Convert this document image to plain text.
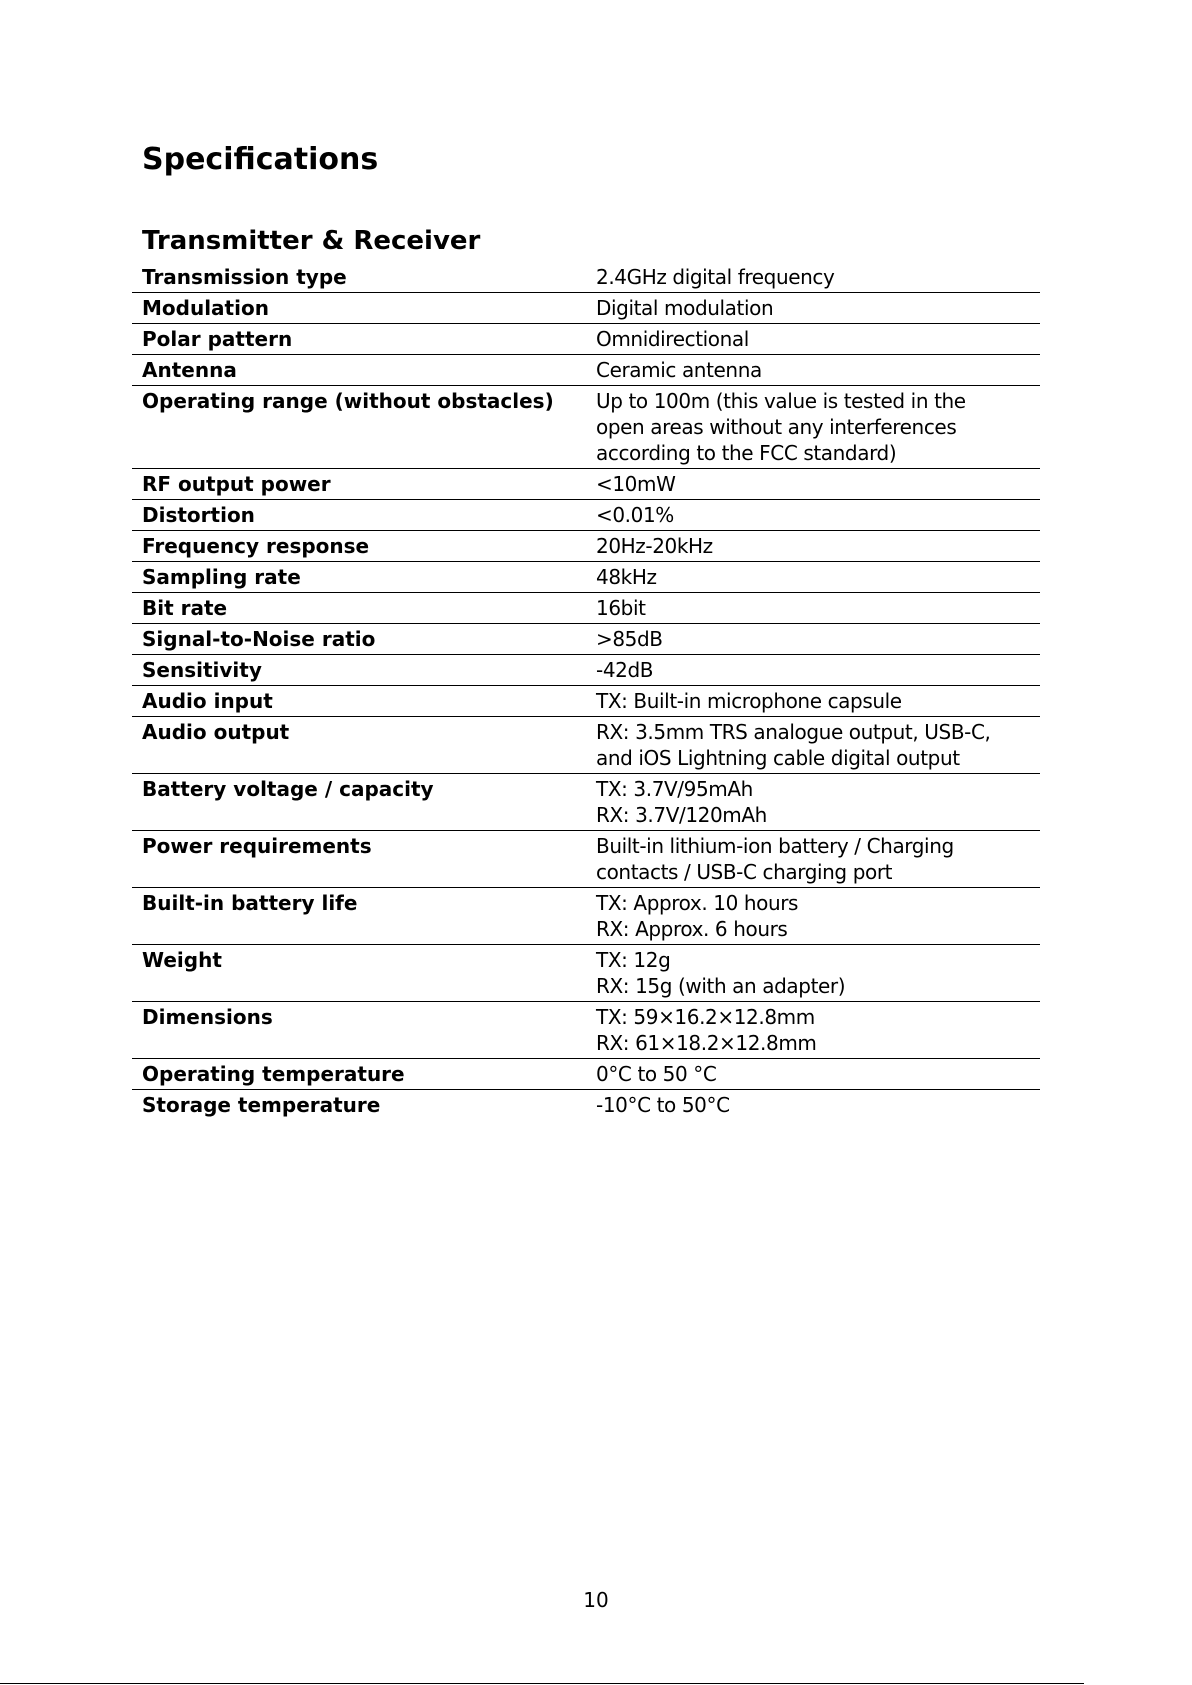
Specifications
Transmitter & Receiver
Transmission type	2.4GHz digital frequency

Modulation	Digital modulation

Polar pattern	Omnidirectional

Antenna	Ceramic antenna

Operating range (without obstacles)	Up to 100m (this value is tested in the
open areas without any interferences
according to the FCC standard)

RF output power	<10mW

Distortion	<0.01%

Frequency response	20Hz-20kHz

Sampling rate	48kHz

Bit rate	16bit

Signal-to-Noise ratio	>85dB

Sensitivity	-42dB

Audio input	TX: Built-in microphone capsule

Audio output	RX: 3.5mm TRS analogue output, USB-C,
and iOS Lightning cable digital output

Battery voltage / capacity	TX: 3.7V/95mAh
RX: 3.7V/120mAh

Power requirements	Built-in lithium-ion battery / Charging
contacts / USB-C charging port

Built-in battery life	TX: Approx. 10 hours
RX: Approx. 6 hours

Weight	TX: 12g
RX: 15g (with an adapter)

Dimensions	TX: 59×16.2×12.8mm
RX: 61×18.2×12.8mm

Operating temperature	0°C to 50 °C

Storage temperature	-10°C to 50°C
10
